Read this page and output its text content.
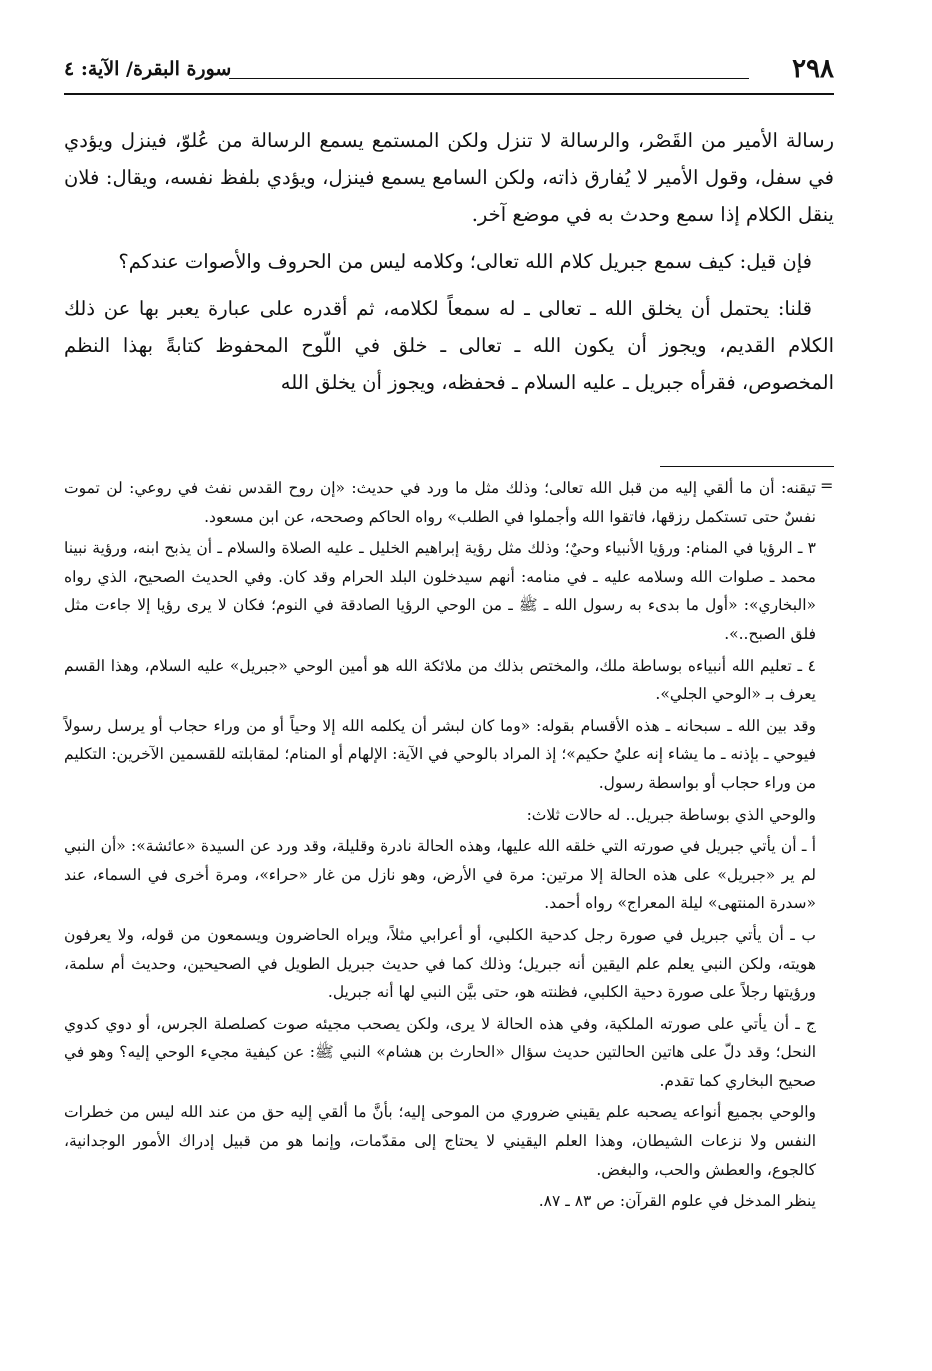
٢٩٨
سورة البقرة/ الآية: ٤

رسالة الأمير من القَصْر، والرسالة لا تنزل ولكن المستمع يسمع الرسالة من عُلوّ، فينزل ويؤدي في سفل، وقول الأمير لا يُفارق ذاته، ولكن السامع يسمع فينزل، ويؤدي بلفظ نفسه، ويقال: فلان ينقل الكلام إذا سمع وحدث به في موضع آخر.

فإن قيل: كيف سمع جبريل كلام الله تعالى؛ وكلامه ليس من الحروف والأصوات عندكم؟

قلنا: يحتمل أن يخلق الله ـ تعالى ـ له سمعاً لكلامه، ثم أقدره على عبارة يعبر بها عن ذلك الكلام القديم، ويجوز أن يكون الله ـ تعالى ـ خلق في اللّوح المحفوظ كتابةً بهذا النظم المخصوص، فقرأه جبريل ـ عليه السلام ـ فحفظه، ويجوز أن يخلق الله

=

تيقنه: أن ما ألقي إليه من قبل الله تعالى؛ وذلك مثل ما ورد في حديث: «إن روح القدس نفث في روعي: لن تموت نفسٌ حتى تستكمل رزقها، فاتقوا الله وأجملوا في الطلب» رواه الحاكم وصححه، عن ابن مسعود.

٣ ـ الرؤيا في المنام: ورؤيا الأنبياء وحيٌ؛ وذلك مثل رؤية إبراهيم الخليل ـ عليه الصلاة والسلام ـ أن يذبح ابنه، ورؤية نبينا محمد ـ صلوات الله وسلامه عليه ـ في منامه: أنهم سيدخلون البلد الحرام وقد كان. وفي الحديث الصحيح، الذي رواه «البخاري»: «أول ما بدىء به رسول الله ـ ﷺ ـ من الوحي الرؤيا الصادقة في النوم؛ فكان لا يرى رؤيا إلا جاءت مثل فلق الصبح..».

٤ ـ تعليم الله أنبياءه بوساطة ملك، والمختص بذلك من ملائكة الله هو أمين الوحي «جبريل» عليه السلام، وهذا القسم يعرف بـ «الوحي الجلي».

وقد بين الله ـ سبحانه ـ هذه الأقسام بقوله: «وما كان لبشر أن يكلمه الله إلا وحياً أو من وراء حجاب أو يرسل رسولاً فيوحي ـ بإذنه ـ ما يشاء إنه عليٌ حكيم»؛ إذ المراد بالوحي في الآية: الإلهام أو المنام؛ لمقابلته للقسمين الآخرين: التكليم من وراء حجاب أو بواسطة رسول.

والوحي الذي بوساطة جبريل.. له حالات ثلاث:

أ ـ أن يأتي جبريل في صورته التي خلقه الله عليها، وهذه الحالة نادرة وقليلة، وقد ورد عن السيدة «عائشة»: «أن النبي لم ير «جبريل» على هذه الحالة إلا مرتين: مرة في الأرض، وهو نازل من غار «حراء»، ومرة أخرى في السماء، عند «سدرة المنتهى» ليلة المعراج» رواه أحمد.

ب ـ أن يأتي جبريل في صورة رجل كدحية الكلبي، أو أعرابي مثلاً، ويراه الحاضرون ويسمعون من قوله، ولا يعرفون هويته، ولكن النبي يعلم علم اليقين أنه جبريل؛ وذلك كما في حديث جبريل الطويل في الصحيحين، وحديث أم سلمة، ورؤيتها رجلاً على صورة دحية الكلبي، فظنته هو، حتى بيَّن النبي لها أنه جبريل.

ج ـ أن يأتي على صورته الملكية، وفي هذه الحالة لا يرى، ولكن يصحب مجيئه صوت كصلصلة الجرس، أو دوي كدوي النحل؛ وقد دلّ على هاتين الحالتين حديث سؤال «الحارث بن هشام» النبي ﷺ: عن كيفية مجيء الوحي إليه؟ وهو في صحيح البخاري كما تقدم.

والوحي بجميع أنواعه يصحبه علم يقيني ضروري من الموحى إليه؛ بأنَّ ما ألقي إليه حق من عند الله ليس من خطرات النفس ولا نزعات الشيطان، وهذا العلم اليقيني لا يحتاج إلى مقدّمات، وإنما هو من قبيل إدراك الأمور الوجدانية، كالجوع، والعطش والحب، والبغض.

ينظر المدخل في علوم القرآن: ص ٨٣ ـ ٨٧.
